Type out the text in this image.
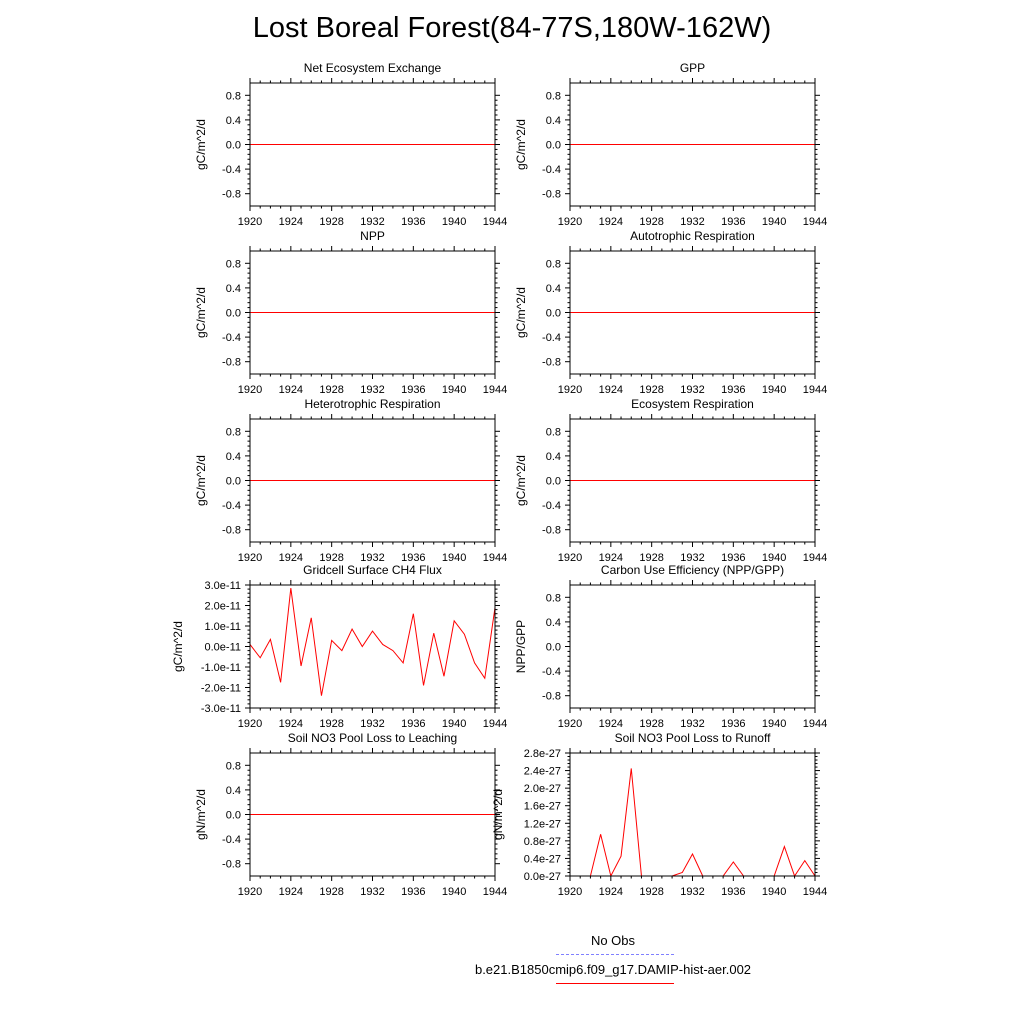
Lost Boreal Forest(84-77S,180W-162W)
1920 1924 1928 1932 1936 1940 1944
-0.8
-0.4
0.0
0.4
0.8
Net Ecosystem Exchange
gC/m^2/d
1920 1924 1928 1932 1936 1940 1944
-0.8
-0.4
0.0
0.4
0.8
GPP
gC/m^2/d
1920 1924 1928 1932 1936 1940 1944
-0.8
-0.4
0.0
0.4
0.8
NPP
gC/m^2/d
1920 1924 1928 1932 1936 1940 1944
-0.8
-0.4
0.0
0.4
0.8
Autotrophic Respiration
gC/m^2/d
1920 1924 1928 1932 1936 1940 1944
-0.8
-0.4
0.0
0.4
0.8
Heterotrophic Respiration
gC/m^2/d
1920 1924 1928 1932 1936 1940 1944
-0.8
-0.4
0.0
0.4
0.8
Ecosystem Respiration
gC/m^2/d
1920 1924 1928 1932 1936 1940 1944
-3.0e-11
-2.0e-11
-1.0e-11
0.0e-11
1.0e-11
2.0e-11
3.0e-11
Gridcell Surface CH4 Flux
gC/m^2/d
1920 1924 1928 1932 1936 1940 1944
-0.8
-0.4
0.0
0.4
0.8
Carbon Use Efficiency (NPP/GPP)
NPP/GPP
1920 1924 1928 1932 1936 1940 1944
-0.8
-0.4
0.0
0.4
0.8
Soil NO3 Pool Loss to Leaching
gN/m^2/d
1920 1924 1928 1932 1936 1940 1944
0.0e-27
0.4e-27
0.8e-27
1.2e-27
1.6e-27
2.0e-27
2.4e-27
2.8e-27
Soil NO3 Pool Loss to Runoff
gN/m^2/d
No Obs
b.e21.B1850cmip6.f09_g17.DAMIP-hist-aer.002
